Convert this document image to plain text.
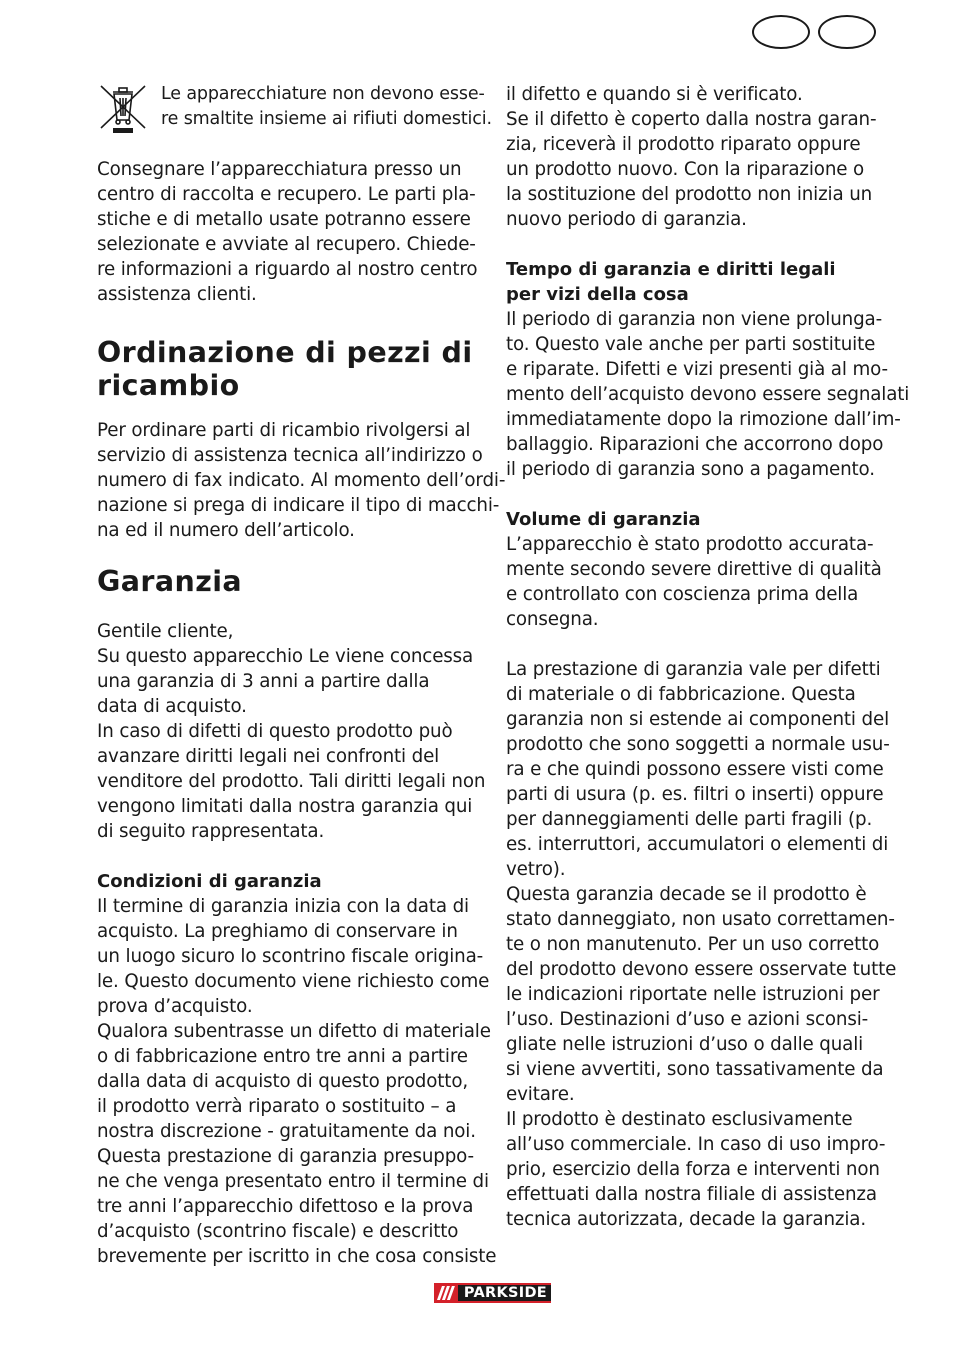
Le apparecchiature non devono esse-
re smaltite insieme ai rifiuti domestici.
Consegnare l’apparecchiatura presso un
centro di raccolta e recupero. Le parti pla-
stiche e di metallo usate potranno essere
selezionate e avviate al recupero. Chiede-
re informazioni a riguardo al nostro centro
assistenza clienti.
Ordinazione di pezzi di
ricambio
Per ordinare parti di ricambio rivolgersi al
servizio di assistenza tecnica all’indirizzo o
numero di fax indicato. Al momento dell’ordi-
nazione si prega di indicare il tipo di macchi-
na ed il numero dell’articolo.
Garanzia
Gentile cliente,
Su questo apparecchio Le viene concessa
una garanzia di 3 anni a partire dalla
data di acquisto.
In caso di difetti di questo prodotto può
avanzare diritti legali nei confronti del
venditore del prodotto. Tali diritti legali non
vengono limitati dalla nostra garanzia qui
di seguito rappresentata.
Condizioni di garanzia
Il termine di garanzia inizia con la data di
acquisto. La preghiamo di conservare in
un luogo sicuro lo scontrino fiscale origina-
le. Questo documento viene richiesto come
prova d’acquisto.
Qualora subentrasse un difetto di materiale
o di fabbricazione entro tre anni a partire
dalla data di acquisto di questo prodotto,
il prodotto verrà riparato o sostituito – a
nostra discrezione - gratuitamente da noi.
Questa prestazione di garanzia presuppo-
ne che venga presentato entro il termine di
tre anni l’apparecchio difettoso e la prova
d’acquisto (scontrino fiscale) e descritto
brevemente per iscritto in che cosa consiste
il difetto e quando si è verificato.
Se il difetto è coperto dalla nostra garan-
zia, riceverà il prodotto riparato oppure
un prodotto nuovo. Con la riparazione o
la sostituzione del prodotto non inizia un
nuovo periodo di garanzia.
Tempo di garanzia e diritti legali
per vizi della cosa
Il periodo di garanzia non viene prolunga-
to. Questo vale anche per parti sostituite
e riparate. Difetti e vizi presenti già al mo-
mento dell’acquisto devono essere segnalati
immediatamente dopo la rimozione dall’im-
ballaggio. Riparazioni che accorrono dopo
il periodo di garanzia sono a pagamento.
Volume di garanzia
L’apparecchio è stato prodotto accurata-
mente secondo severe direttive di qualità
e controllato con coscienza prima della
consegna.
La prestazione di garanzia vale per difetti
di materiale o di fabbricazione. Questa
garanzia non si estende ai componenti del
prodotto che sono soggetti a normale usu-
ra e che quindi possono essere visti come
parti di usura (p. es. filtri o inserti) oppure
per danneggiamenti delle parti fragili (p.
es. interruttori, accumulatori o elementi di
vetro).
Questa garanzia decade se il prodotto è
stato danneggiato, non usato correttamen-
te o non manutenuto. Per un uso corretto
del prodotto devono essere osservate tutte
le indicazioni riportate nelle istruzioni per
l’uso. Destinazioni d’uso e azioni sconsi-
gliate nelle istruzioni d’uso o dalle quali
si viene avvertiti, sono tassativamente da
evitare.
Il prodotto è destinato esclusivamente
all’uso commerciale. In caso di uso impro-
prio, esercizio della forza e interventi non
effettuati dalla nostra filiale di assistenza
tecnica autorizzata, decade la garanzia.
PARKSIDE
